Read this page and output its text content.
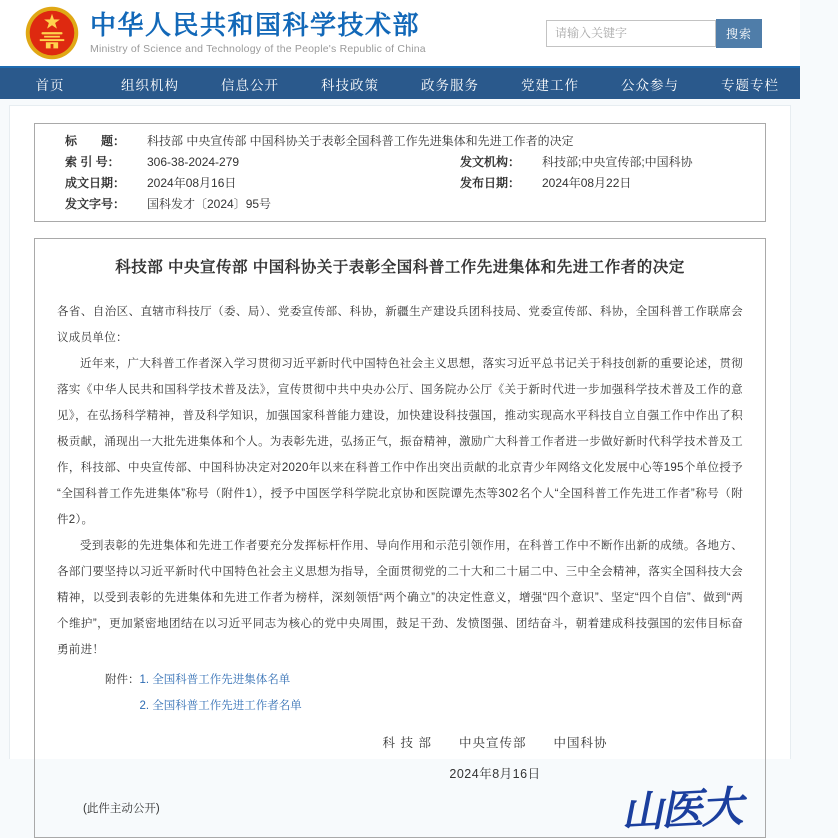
中华人民共和国科学技术部
Ministry of Science and Technology of the People's Republic of China
请输入关键字
搜索
首页	组织机构	信息公开	科技政策	政务服务	党建工作	公众参与	专题专栏
标　　题：	科技部 中央宣传部 中国科协关于表彰全国科普工作先进集体和先进工作者的决定
索 引 号：	306-38-2024-279	发文机构：	科技部;中央宣传部;中国科协
成文日期：	2024年08月16日	发布日期：	2024年08月22日
发文字号：	国科发才〔2024〕95号
科技部 中央宣传部 中国科协关于表彰全国科普工作先进集体和先进工作者的决定

各省、自治区、直辖市科技厅（委、局）、党委宣传部、科协，新疆生产建设兵团科技局、党委宣传部、科协，全国科普工作联席会议成员单位：

近年来，广大科普工作者深入学习贯彻习近平新时代中国特色社会主义思想，落实习近平总书记关于科技创新的重要论述，贯彻落实《中华人民共和国科学技术普及法》，宣传贯彻中共中央办公厅、国务院办公厅《关于新时代进一步加强科学技术普及工作的意见》，在弘扬科学精神，普及科学知识，加强国家科普能力建设，加快建设科技强国，推动实现高水平科技自立自强工作中作出了积极贡献，涌现出一大批先进集体和个人。为表彰先进，弘扬正气，振奋精神，激励广大科普工作者进一步做好新时代科学技术普及工作，科技部、中央宣传部、中国科协决定对2020年以来在科普工作中作出突出贡献的北京青少年网络文化发展中心等195个单位授予“全国科普工作先进集体”称号（附件1），授予中国医学科学院北京协和医院谭先杰等302名个人“全国科普工作先进工作者”称号（附件2）。

受到表彰的先进集体和先进工作者要充分发挥标杆作用、导向作用和示范引领作用，在科普工作中不断作出新的成绩。各地方、各部门要坚持以习近平新时代中国特色社会主义思想为指导，全面贯彻党的二十大和二十届二中、三中全会精神，落实全国科技大会精神，以受到表彰的先进集体和先进工作者为榜样，深刻领悟“两个确立”的决定性意义，增强“四个意识”、坚定“四个自信”、做到“两个维护”，更加紧密地团结在以习近平同志为核心的党中央周围，鼓足干劲、发愤图强、团结奋斗，朝着建成科技强国的宏伟目标奋勇前进！

附件： 1. 全国科普工作先进集体名单
2. 全国科普工作先进工作者名单
科 技 部　　中央宣传部　　中国科协
2024年8月16日
(此件主动公开)	山医大
